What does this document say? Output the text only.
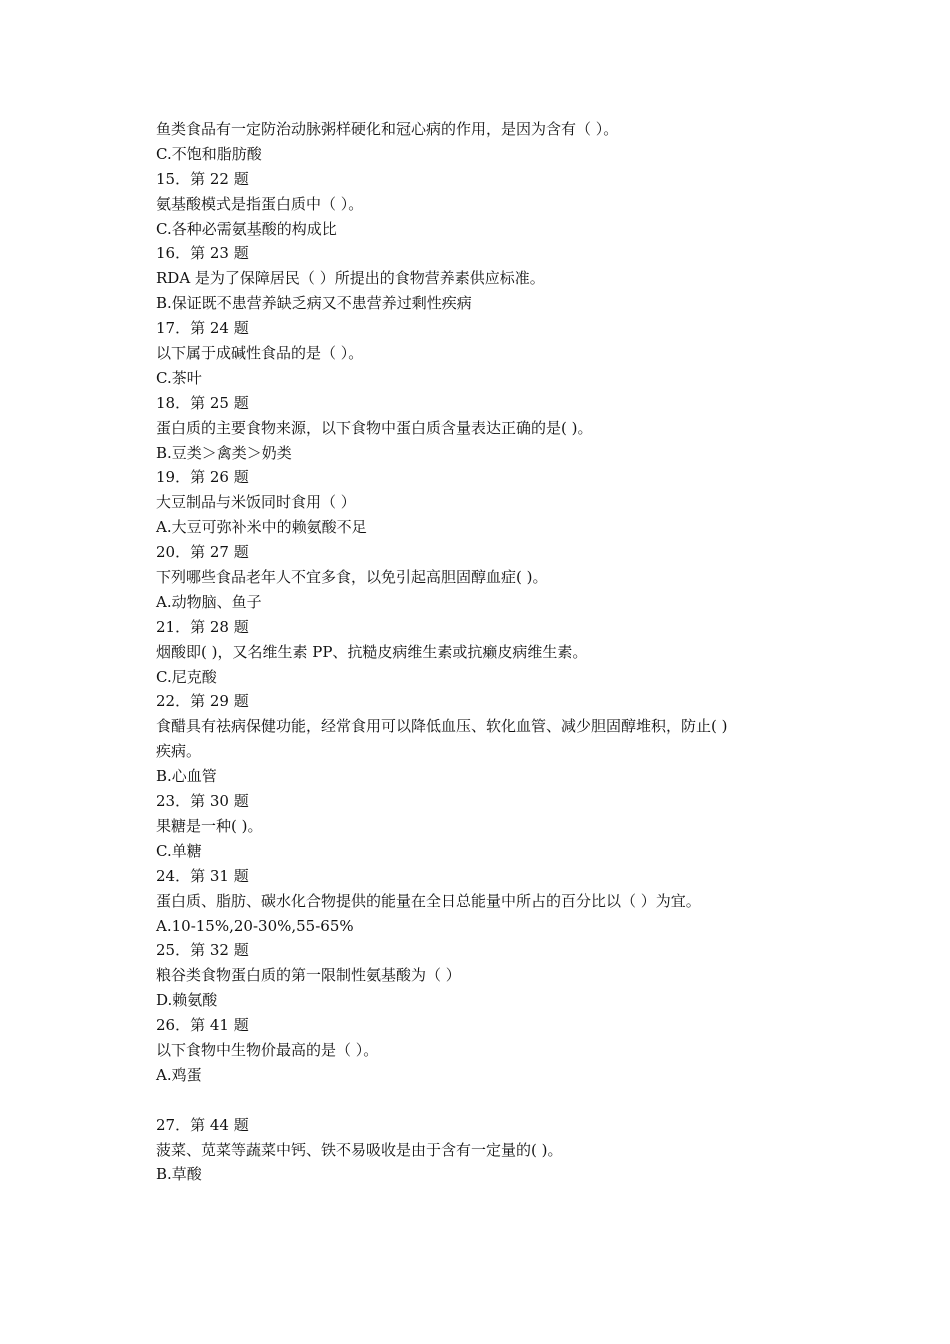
鱼类食品有一定防治动脉粥样硬化和冠心病的作用，是因为含有（ ）。
C.不饱和脂肪酸
15．第 22 题
氨基酸模式是指蛋白质中（ ）。
C.各种必需氨基酸的构成比
16．第 23 题
RDA 是为了保障居民（ ）所提出的食物营养素供应标准。
B.保证既不患营养缺乏病又不患营养过剩性疾病
17．第 24 题
以下属于成碱性食品的是（ ）。
C.茶叶
18．第 25 题
蛋白质的主要食物来源，以下食物中蛋白质含量表达正确的是( )。
B.豆类＞禽类＞奶类
19．第 26 题
大豆制品与米饭同时食用（ ）
A.大豆可弥补米中的赖氨酸不足
20．第 27 题
下列哪些食品老年人不宜多食，以免引起高胆固醇血症( )。
A.动物脑、鱼子
21．第 28 题
烟酸即( )，又名维生素 PP、抗糙皮病维生素或抗癞皮病维生素。
C.尼克酸
22．第 29 题
食醋具有祛病保健功能，经常食用可以降低血压、软化血管、减少胆固醇堆积，防止( )
疾病。
B.心血管
23．第 30 题
果糖是一种( )。
C.单糖
24．第 31 题
蛋白质、脂肪、碳水化合物提供的能量在全日总能量中所占的百分比以（ ）为宜。
A.10-15%,20-30%,55-65%
25．第 32 题
粮谷类食物蛋白质的第一限制性氨基酸为（ ）
D.赖氨酸
26．第 41 题
以下食物中生物价最高的是（ ）。
A.鸡蛋
27．第 44 题
菠菜、苋菜等蔬菜中钙、铁不易吸收是由于含有一定量的( )。
B.草酸
